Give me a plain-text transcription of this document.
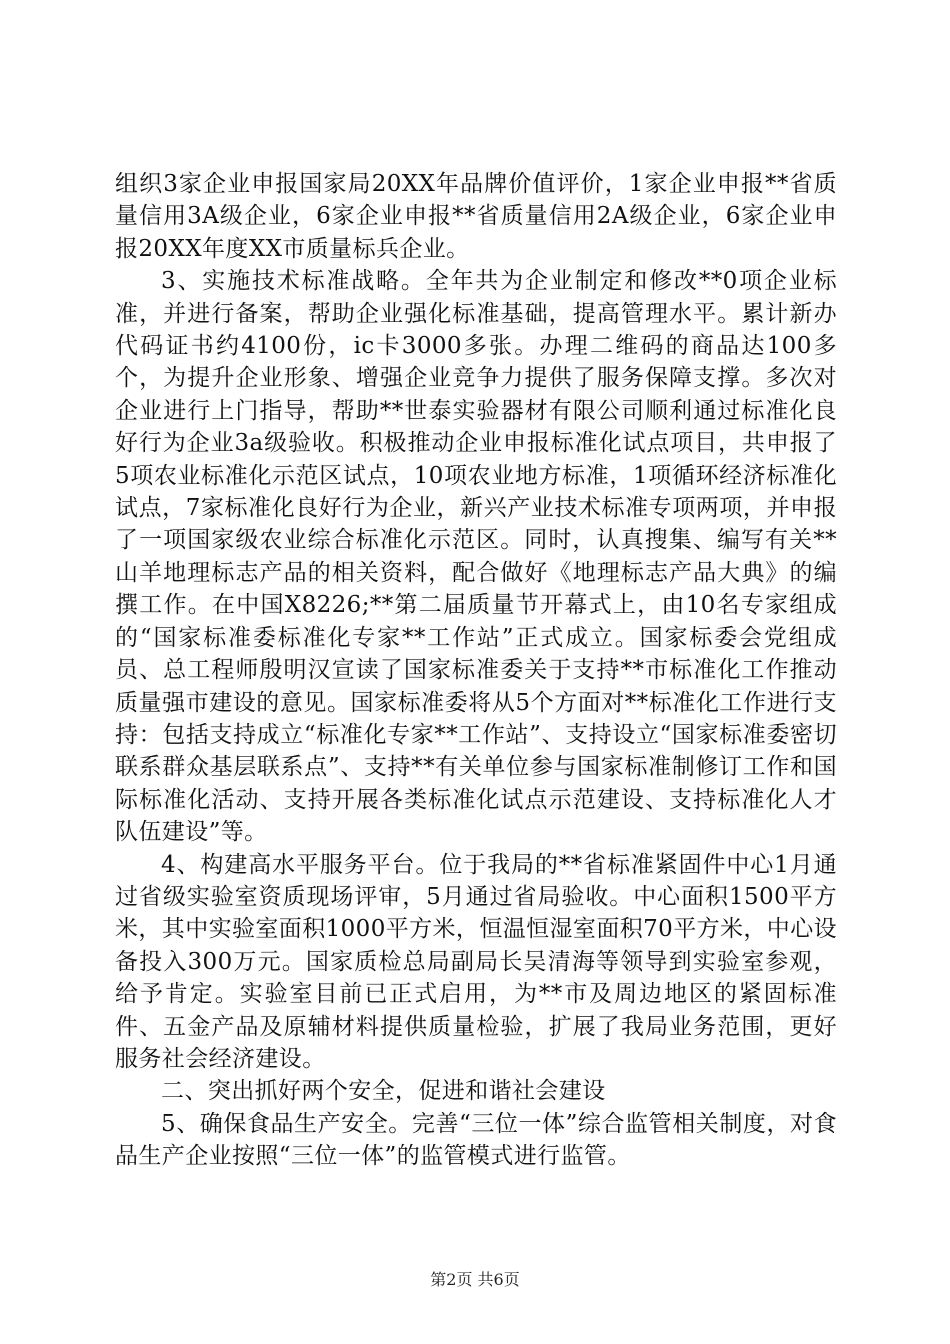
组织3家企业申报国家局20XX年品牌价值评价，1家企业申报**省质量信用3A级企业，6家企业申报**省质量信用2A级企业，6家企业申报20XX年度XX市质量标兵企业。

3、实施技术标准战略。全年共为企业制定和修改**0项企业标准，并进行备案，帮助企业强化标准基础，提高管理水平。累计新办代码证书约4100份，ic卡3000多张。办理二维码的商品达100多个，为提升企业形象、增强企业竞争力提供了服务保障支撑。多次对企业进行上门指导，帮助**世泰实验器材有限公司顺利通过标准化良好行为企业3a级验收。积极推动企业申报标准化试点项目，共申报了5项农业标准化示范区试点，10项农业地方标准，1项循环经济标准化试点，7家标准化良好行为企业，新兴产业技术标准专项两项，并申报了一项国家级农业综合标准化示范区。同时，认真搜集、编写有关**山羊地理标志产品的相关资料，配合做好《地理标志产品大典》的编撰工作。在中国X8226;**第二届质量节开幕式上，由10名专家组成的“国家标准委标准化专家**工作站”正式成立。国家标委会党组成员、总工程师殷明汉宣读了国家标准委关于支持**市标准化工作推动质量强市建设的意见。国家标准委将从5个方面对**标准化工作进行支持：包括支持成立“标准化专家**工作站”、支持设立“国家标准委密切联系群众基层联系点”、支持**有关单位参与国家标准制修订工作和国际标准化活动、支持开展各类标准化试点示范建设、支持标准化人才队伍建设”等。

4、构建高水平服务平台。位于我局的**省标准紧固件中心1月通过省级实验室资质现场评审，5月通过省局验收。中心面积1500平方米，其中实验室面积1000平方米，恒温恒湿室面积70平方米，中心设备投入300万元。国家质检总局副局长吴清海等领导到实验室参观，给予肯定。实验室目前已正式启用，为**市及周边地区的紧固标准件、五金产品及原辅材料提供质量检验，扩展了我局业务范围，更好服务社会经济建设。

二、突出抓好两个安全，促进和谐社会建设

5、确保食品生产安全。完善“三位一体”综合监管相关制度，对食品生产企业按照“三位一体”的监管模式进行监管。

第2页 共6页
